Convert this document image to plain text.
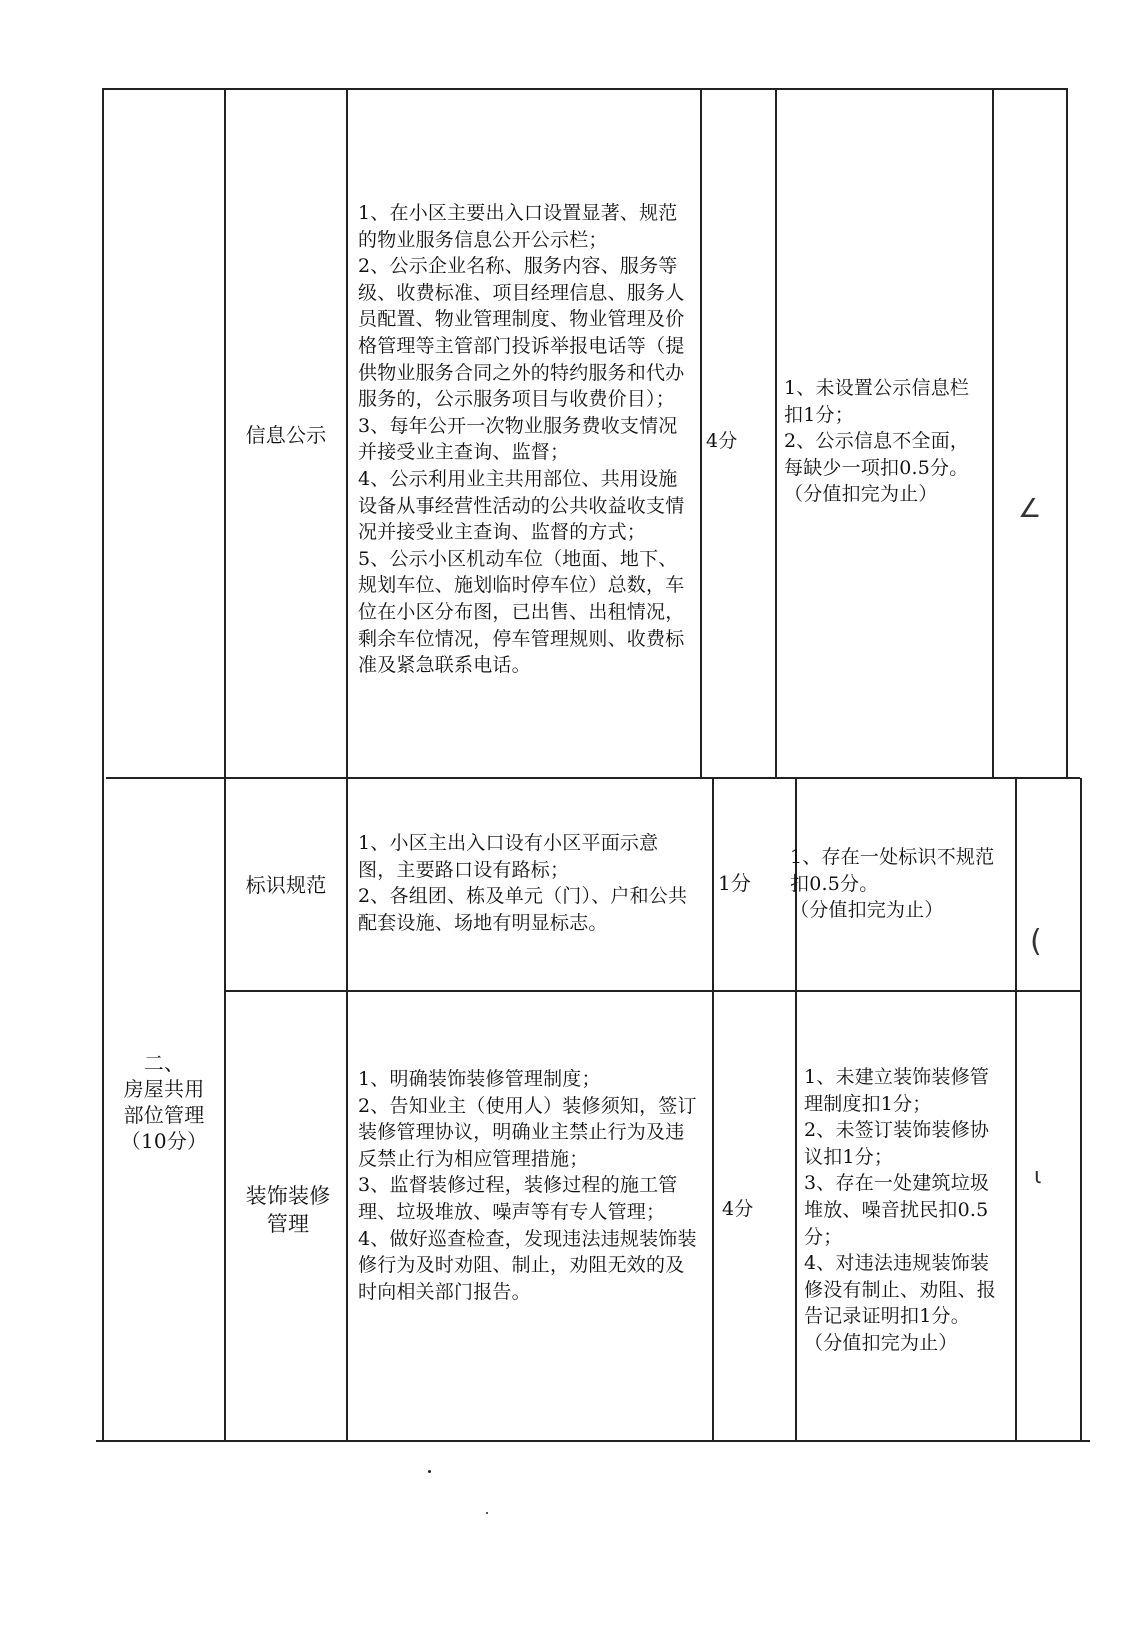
二、
房屋共用
部位管理
（10分）
信息公示
1、在小区主要出入口设置显著、规范的物业服务信息公开公示栏；
2、公示企业名称、服务内容、服务等级、收费标准、项目经理信息、服务人员配置、物业管理制度、物业管理及价格管理等主管部门投诉举报电话等（提供物业服务合同之外的特约服务和代办服务的，公示服务项目与收费价目）；
3、每年公开一次物业服务费收支情况并接受业主查询、监督；
4、公示利用业主共用部位、共用设施设备从事经营性活动的公共收益收支情况并接受业主查询、监督的方式；
5、公示小区机动车位（地面、地下、规划车位、施划临时停车位）总数，车位在小区分布图，已出售、出租情况，剩余车位情况，停车管理规则、收费标准及紧急联系电话。
4分
1、未设置公示信息栏扣1分；
2、公示信息不全面，每缺少一项扣0.5分。
（分值扣完为止）	∠
标识规范
1、小区主出入口设有小区平面示意图，主要路口设有路标；
2、各组团、栋及单元（门）、户和公共配套设施、场地有明显标志。
1分
1、存在一处标识不规范扣0.5分。
（分值扣完为止）
(
装饰装修管理
1、明确装饰装修管理制度；
2、告知业主（使用人）装修须知，签订装修管理协议，明确业主禁止行为及违反禁止行为相应管理措施；
3、监督装修过程，装修过程的施工管理、垃圾堆放、噪声等有专人管理；
4、做好巡查检查，发现违法违规装饰装修行为及时劝阻、制止，劝阻无效的及时向相关部门报告。
4分
1、未建立装饰装修管理制度扣1分；
2、未签订装饰装修协议扣1分；
3、存在一处建筑垃圾堆放、噪音扰民扣0.5分；
4、对违法违规装饰装修没有制止、劝阻、报告记录证明扣1分。
（分值扣完为止）
ι
